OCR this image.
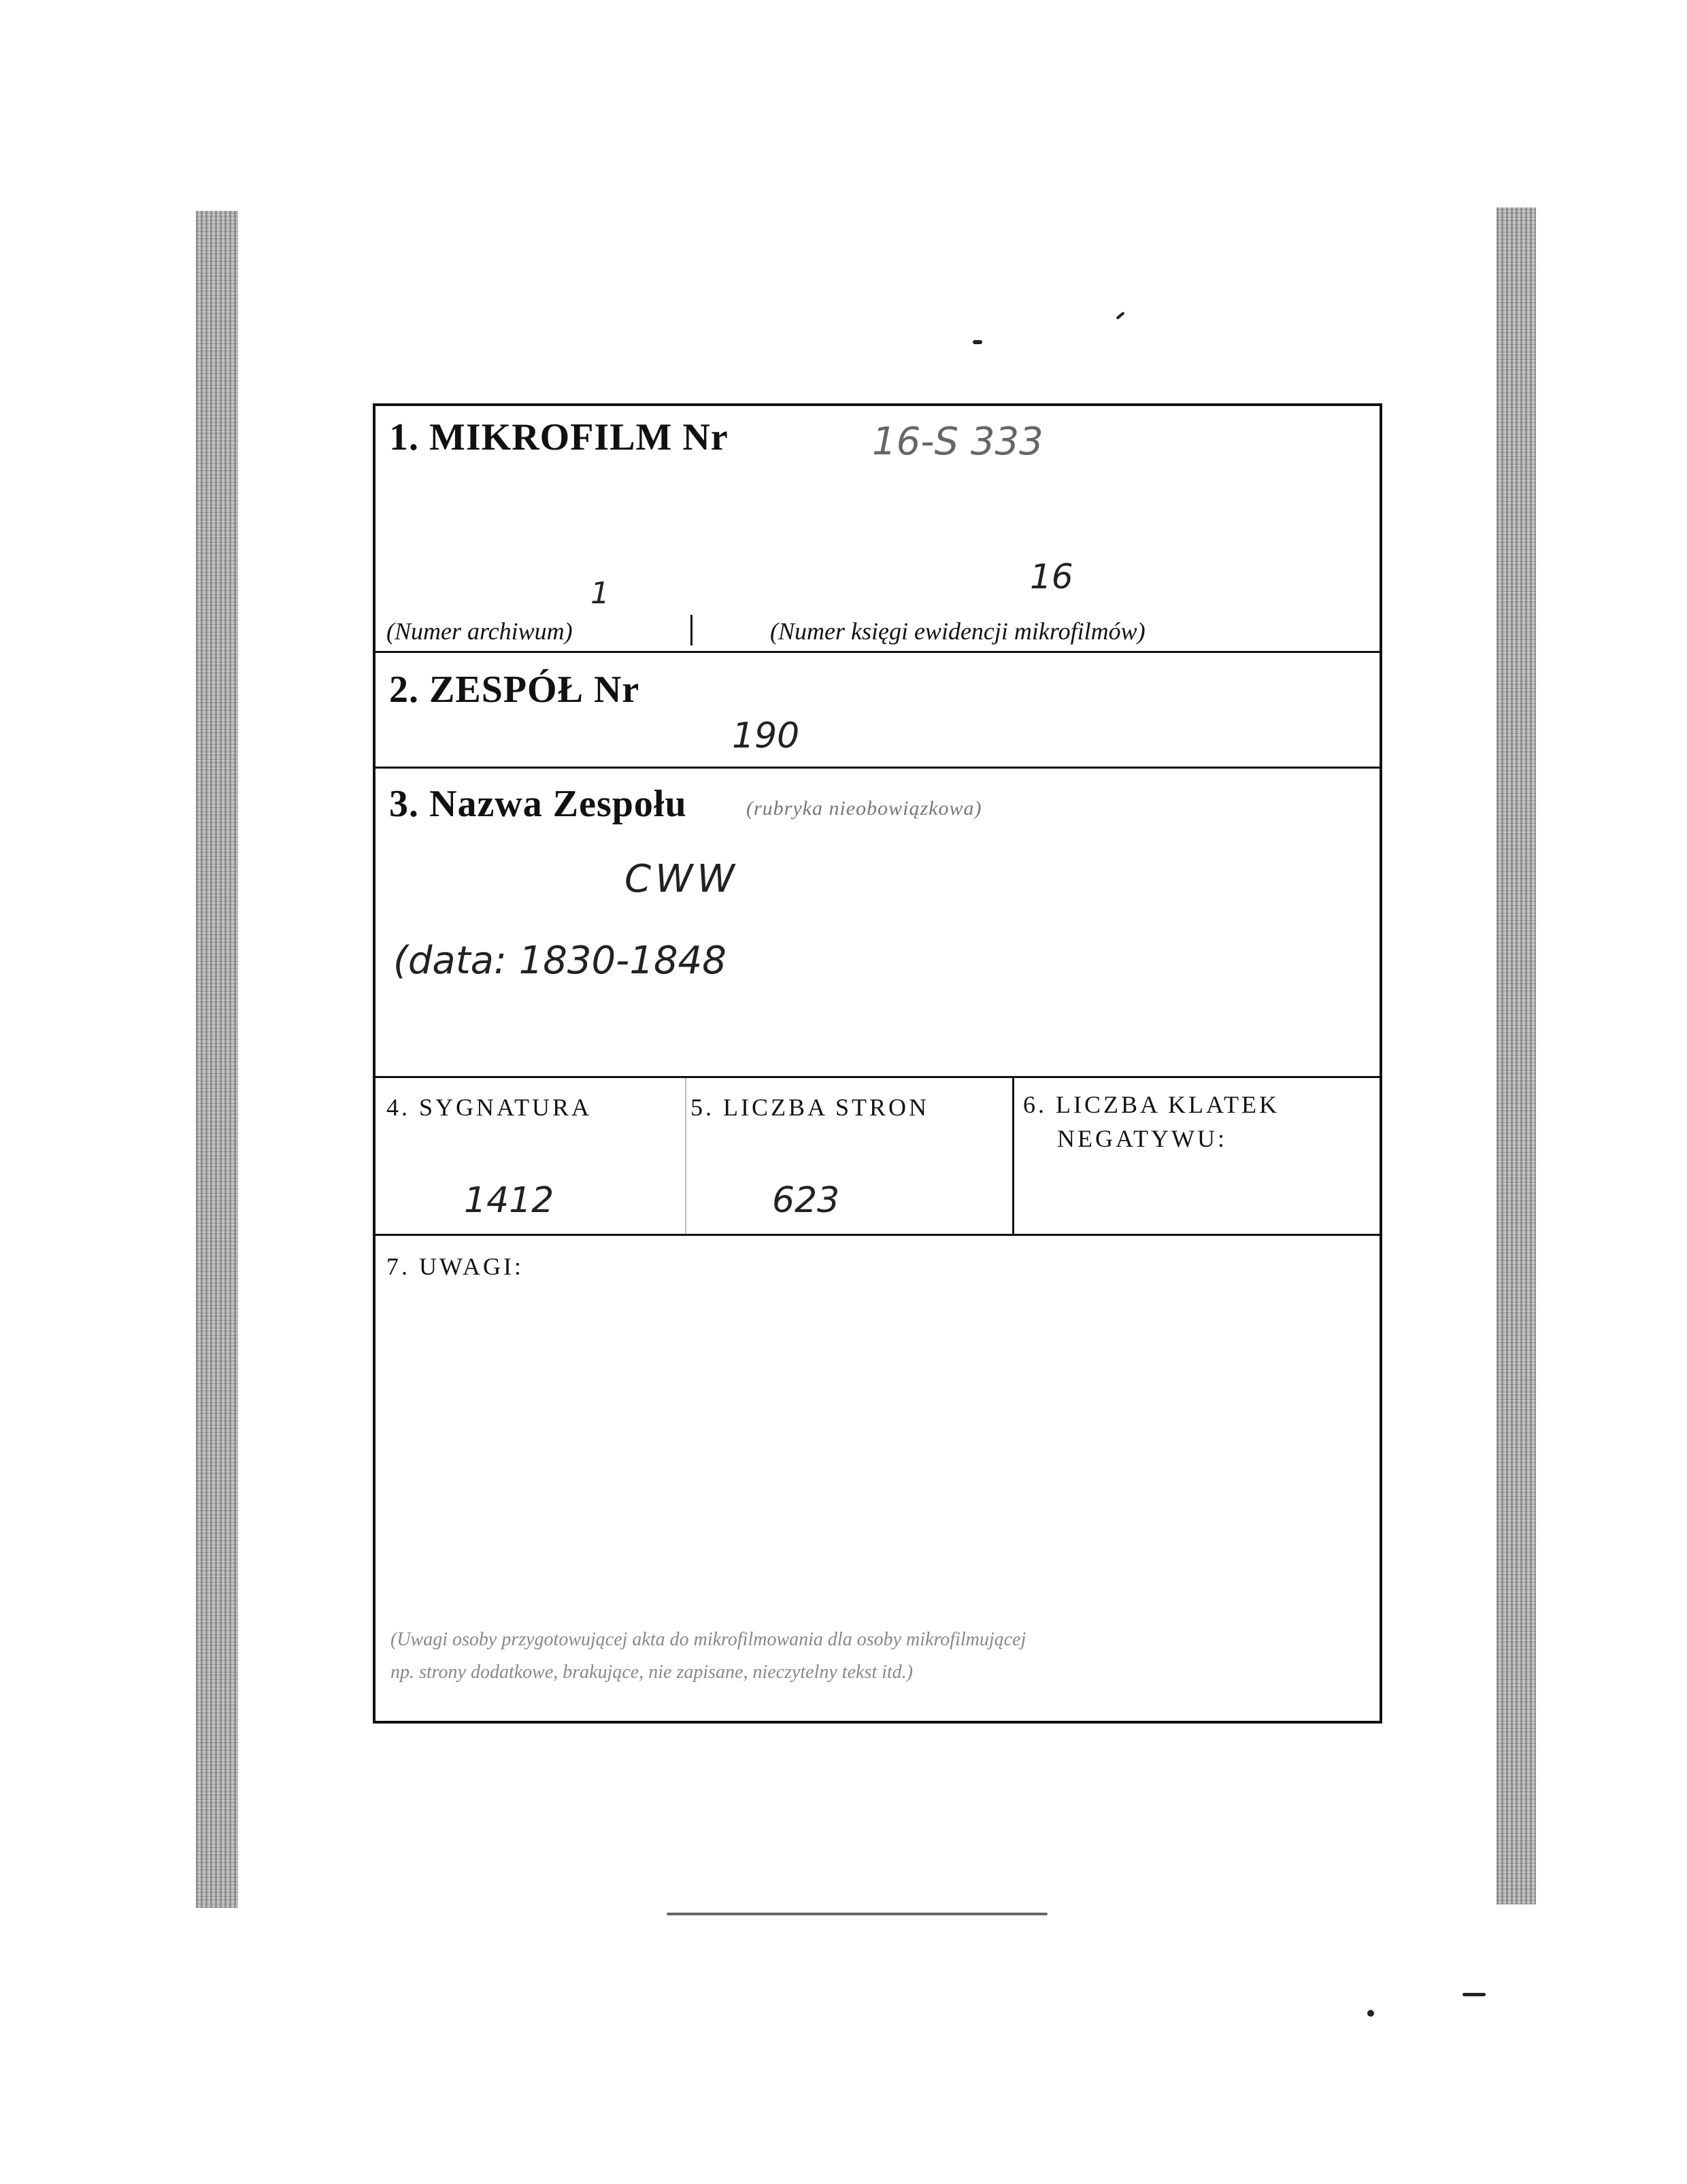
1. MIKROFILM Nr	16-S 333
1	16
(Numer archiwum)	(Numer księgi ewidencji mikrofilmów)
2. ZESPÓŁ Nr
190
3. Nazwa Zespołu	(rubryka nieobowiązkowa)
CWW
(data: 1830-1848
4. SYGNATURA
1412
5. LICZBA STRON
623
6. LICZBA KLATEK
NEGATYWU:
7. UWAGI:
(Uwagi osoby przygotowującej akta do mikrofilmowania dla osoby mikrofilmującej
np. strony dodatkowe, brakujące, nie zapisane, nieczytelny tekst itd.)
